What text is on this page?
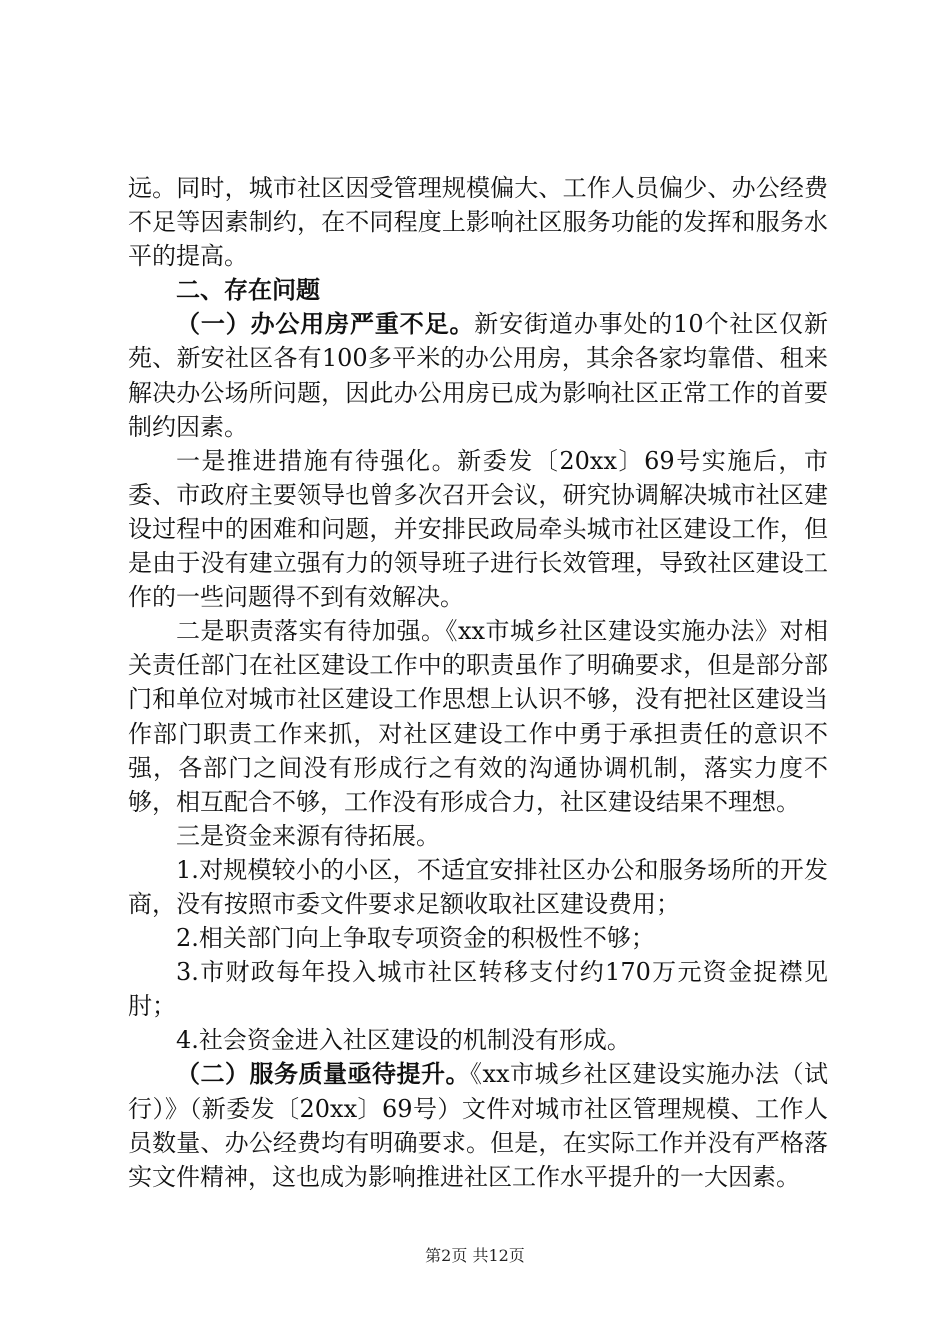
远。同时，城市社区因受管理规模偏大、工作人员偏少、办公经费不足等因素制约，在不同程度上影响社区服务功能的发挥和服务水平的提高。

二、存在问题

（一）办公用房严重不足。新安街道办事处的10个社区仅新苑、新安社区各有100多平米的办公用房，其余各家均靠借、租来解决办公场所问题，因此办公用房已成为影响社区正常工作的首要制约因素。

一是推进措施有待强化。新委发〔20xx〕69号实施后，市委、市政府主要领导也曾多次召开会议，研究协调解决城市社区建设过程中的困难和问题，并安排民政局牵头城市社区建设工作，但是由于没有建立强有力的领导班子进行长效管理，导致社区建设工作的一些问题得不到有效解决。

二是职责落实有待加强。《xx市城乡社区建设实施办法》对相关责任部门在社区建设工作中的职责虽作了明确要求，但是部分部门和单位对城市社区建设工作思想上认识不够，没有把社区建设当作部门职责工作来抓，对社区建设工作中勇于承担责任的意识不强，各部门之间没有形成行之有效的沟通协调机制，落实力度不够，相互配合不够，工作没有形成合力，社区建设结果不理想。

三是资金来源有待拓展。

1.对规模较小的小区，不适宜安排社区办公和服务场所的开发商，没有按照市委文件要求足额收取社区建设费用；

2.相关部门向上争取专项资金的积极性不够；

3.市财政每年投入城市社区转移支付约170万元资金捉襟见肘；

4.社会资金进入社区建设的机制没有形成。

（二）服务质量亟待提升。《xx市城乡社区建设实施办法（试行）》（新委发〔20xx〕69号）文件对城市社区管理规模、工作人员数量、办公经费均有明确要求。但是，在实际工作并没有严格落实文件精神，这也成为影响推进社区工作水平提升的一大因素。

第2页 共12页
